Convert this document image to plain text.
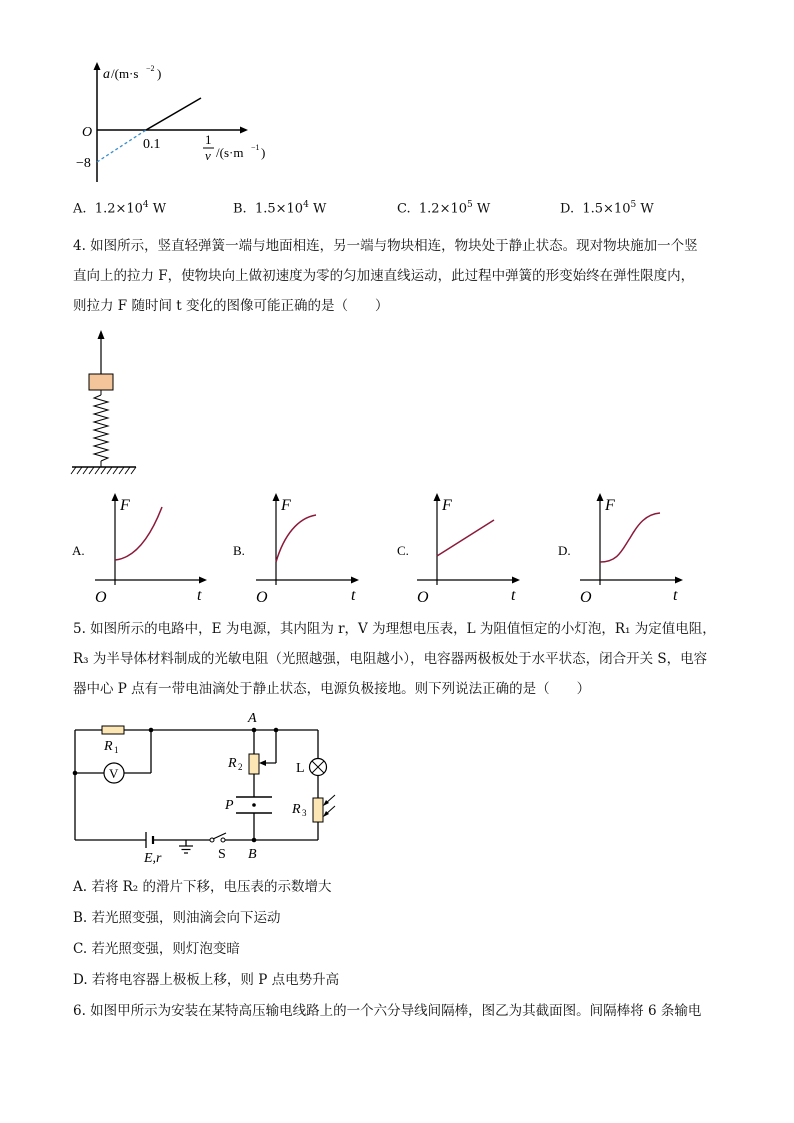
a /(m·s −2 )
O
−8
0.1	1
v /(s·m −1 )
A. $1.2\times 10^4$ W	B. $1.5\times 10^4$ W	C. $1.2\times 10^5$ W	D. $1.5\times 10^5$ W
4. 如图所示，竖直轻弹簧一端与地面相连，另一端与物块相连，物块处于静止状态。现对物块施加一个竖
直向上的拉力 F，使物块向上做初速度为零的匀加速直线运动，此过程中弹簧的形变始终在弹性限度内，
则拉力 F 随时间 t 变化的图像可能正确的是（　　）
A.
F
t
O
B.
F
t
O
C.
F
t
O
D.
F
t
O
5. 如图所示的电路中，E 为电源，其内阻为 r，V 为理想电压表，L 为阻值恒定的小灯泡，R₁ 为定值电阻，
R₃ 为半导体材料制成的光敏电阻（光照越强，电阻越小），电容器两极板处于水平状态，闭合开关 S，电容
器中心 P 点有一带电油滴处于静止状态，电源负极接地。则下列说法正确的是（　　）
V
R 1
A
R 2
P
L
R 3
E,r	S B
A. 若将 R₂ 的滑片下移，电压表的示数增大
B. 若光照变强，则油滴会向下运动
C. 若光照变强，则灯泡变暗
D. 若将电容器上极板上移，则 P 点电势升高
6. 如图甲所示为安装在某特高压输电线路上的一个六分导线间隔棒，图乙为其截面图。间隔棒将 6 条输电
